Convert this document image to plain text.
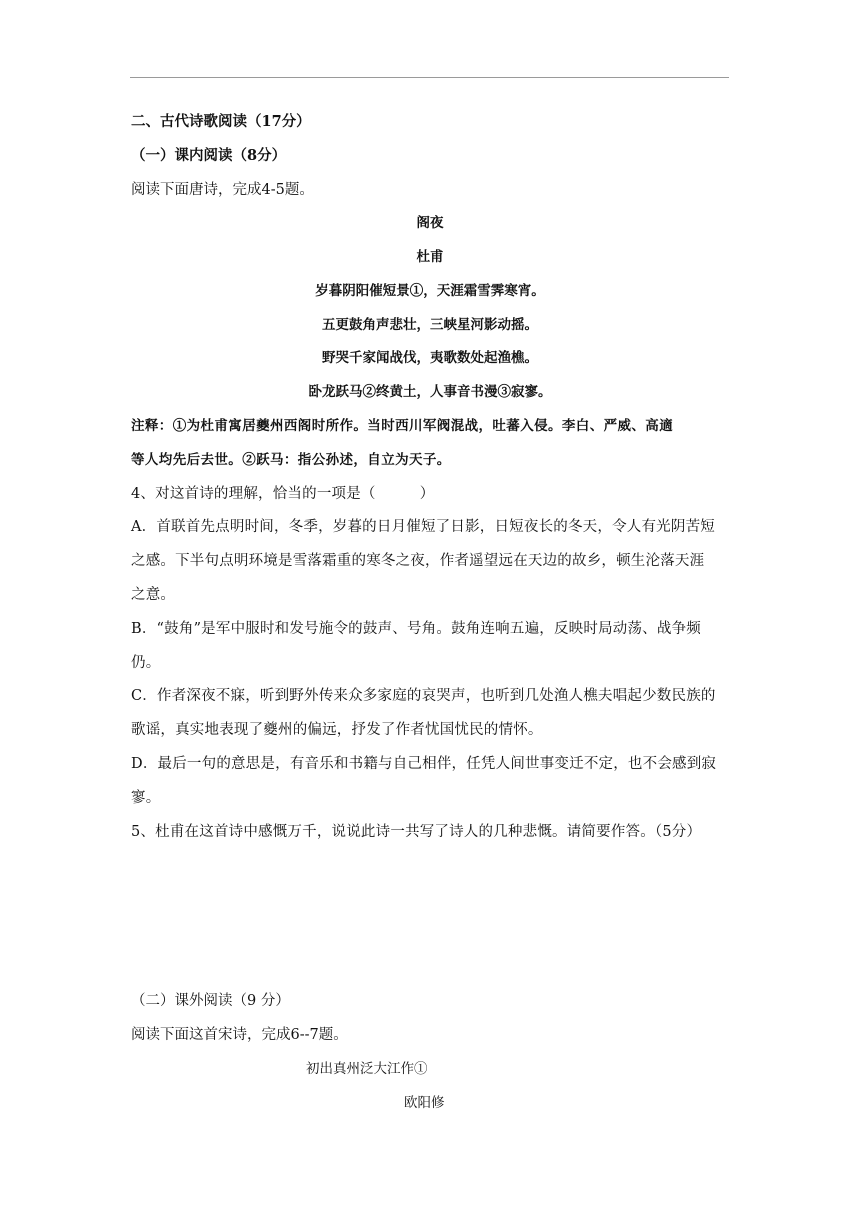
二、古代诗歌阅读（17分）
（一）课内阅读（8分）
阅读下面唐诗，完成4-5题。
阁夜
杜甫
岁暮阴阳催短景①，天涯霜雪霁寒宵。
五更鼓角声悲壮，三峡星河影动摇。
野哭千家闻战伐，夷歌数处起渔樵。
卧龙跃马②终黄土，人事音书漫③寂寥。
注释：①为杜甫寓居夔州西阁时所作。当时西川军阀混战，吐蕃入侵。李白、严威、高適
等人均先后去世。②跃马：指公孙述，自立为天子。
4、对这首诗的理解，恰当的一项是（　　　）
A．首联首先点明时间，冬季，岁暮的日月催短了日影，日短夜长的冬天，令人有光阴苦短
之感。下半句点明环境是雪落霜重的寒冬之夜，作者遥望远在天边的故乡，顿生沦落天涯
之意。
B．“鼓角”是军中服时和发号施令的鼓声、号角。鼓角连响五遍，反映时局动荡、战争频
仍。
C．作者深夜不寐，听到野外传来众多家庭的哀哭声，也听到几处渔人樵夫唱起少数民族的
歌谣，真实地表现了夔州的偏远，抒发了作者忧国忧民的情怀。
D．最后一句的意思是，有音乐和书籍与自己相伴，任凭人间世事变迁不定，也不会感到寂
寥。
5、杜甫在这首诗中感慨万千，说说此诗一共写了诗人的几种悲慨。请简要作答。（5分）
（二）课外阅读（9 分）
阅读下面这首宋诗，完成6--7题。
初出真州泛大江作①
欧阳修
